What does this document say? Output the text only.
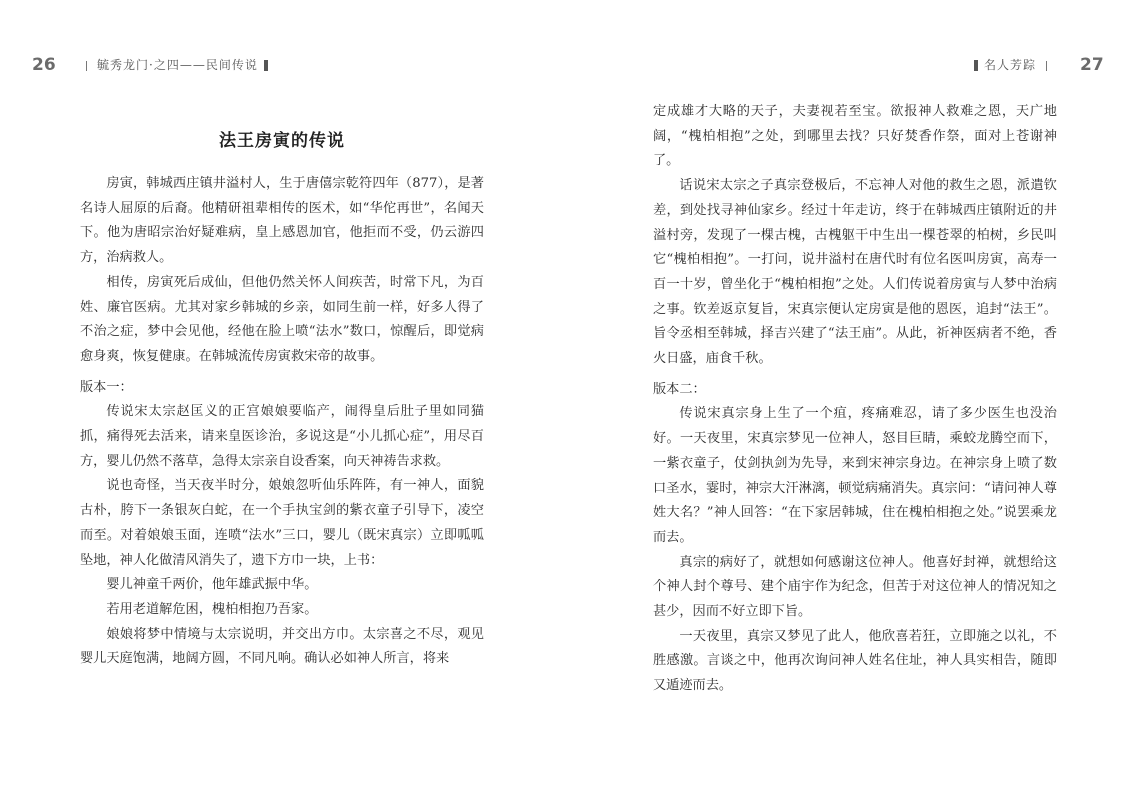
26	毓秀龙门·之四——民间传说	名人芳踪	27
法王房寅的传说

房寅，韩城西庄镇井溢村人，生于唐僖宗乾符四年（877），是著名诗人屈原的后裔。他精研祖辈相传的医术，如“华佗再世”，名闻天下。他为唐昭宗治好疑难病，皇上感恩加官，他拒而不受，仍云游四方，治病救人。

相传，房寅死后成仙，但他仍然关怀人间疾苦，时常下凡，为百姓、廉官医病。尤其对家乡韩城的乡亲，如同生前一样，好多人得了不治之症，梦中会见他，经他在脸上喷“法水”数口，惊醒后，即觉病愈身爽，恢复健康。在韩城流传房寅救宋帝的故事。

版本一：

传说宋太宗赵匡义的正宫娘娘要临产，闹得皇后肚子里如同猫抓，痛得死去活来，请来皇医诊治，多说这是“小儿抓心症”，用尽百方，婴儿仍然不落草，急得太宗亲自设香案，向天神祷告求救。

说也奇怪，当天夜半时分，娘娘忽听仙乐阵阵，有一神人，面貌古朴，胯下一条银灰白蛇，在一个手执宝剑的紫衣童子引导下，凌空而至。对着娘娘玉面，连喷“法水”三口，婴儿（既宋真宗）立即呱呱坠地，神人化做清风消失了，遗下方巾一块，上书：

婴儿神童千两价，他年雄武振中华。

若用老道解危困，槐柏相抱乃吾家。

娘娘将梦中情境与太宗说明，并交出方巾。太宗喜之不尽，观见婴儿天庭饱满，地阔方圆，不同凡响。确认必如神人所言，将来

定成雄才大略的天子，夫妻视若至宝。欲报神人救难之恩，天广地阔，“槐柏相抱”之处，到哪里去找？只好焚香作祭，面对上苍谢神了。

话说宋太宗之子真宗登极后，不忘神人对他的救生之恩，派遣钦差，到处找寻神仙家乡。经过十年走访，终于在韩城西庄镇附近的井溢村旁，发现了一棵古槐，古槐躯干中生出一棵苍翠的柏树，乡民叫它“槐柏相抱”。一打问，说井溢村在唐代时有位名医叫房寅，高寿一百一十岁，曾坐化于“槐柏相抱”之处。人们传说着房寅与人梦中治病之事。钦差返京复旨，宋真宗便认定房寅是他的恩医，追封“法王”。旨令丞相至韩城，择吉兴建了“法王庙”。从此，祈神医病者不绝，香火日盛，庙食千秋。

版本二：

传说宋真宗身上生了一个疽，疼痛难忍，请了多少医生也没治好。一天夜里，宋真宗梦见一位神人，怒目巨睛，乘蛟龙腾空而下，一紫衣童子，仗剑执剑为先导，来到宋神宗身边。在神宗身上喷了数口圣水，霎时，神宗大汗淋漓，顿觉病痛消失。真宗问：“请问神人尊姓大名？”神人回答：“在下家居韩城，住在槐柏相抱之处。”说罢乘龙而去。

真宗的病好了，就想如何感谢这位神人。他喜好封禅，就想给这个神人封个尊号、建个庙宇作为纪念，但苦于对这位神人的情况知之甚少，因而不好立即下旨。

一天夜里，真宗又梦见了此人，他欣喜若狂，立即施之以礼，不胜感激。言谈之中，他再次询问神人姓名住址，神人具实相告，随即又遁迹而去。
